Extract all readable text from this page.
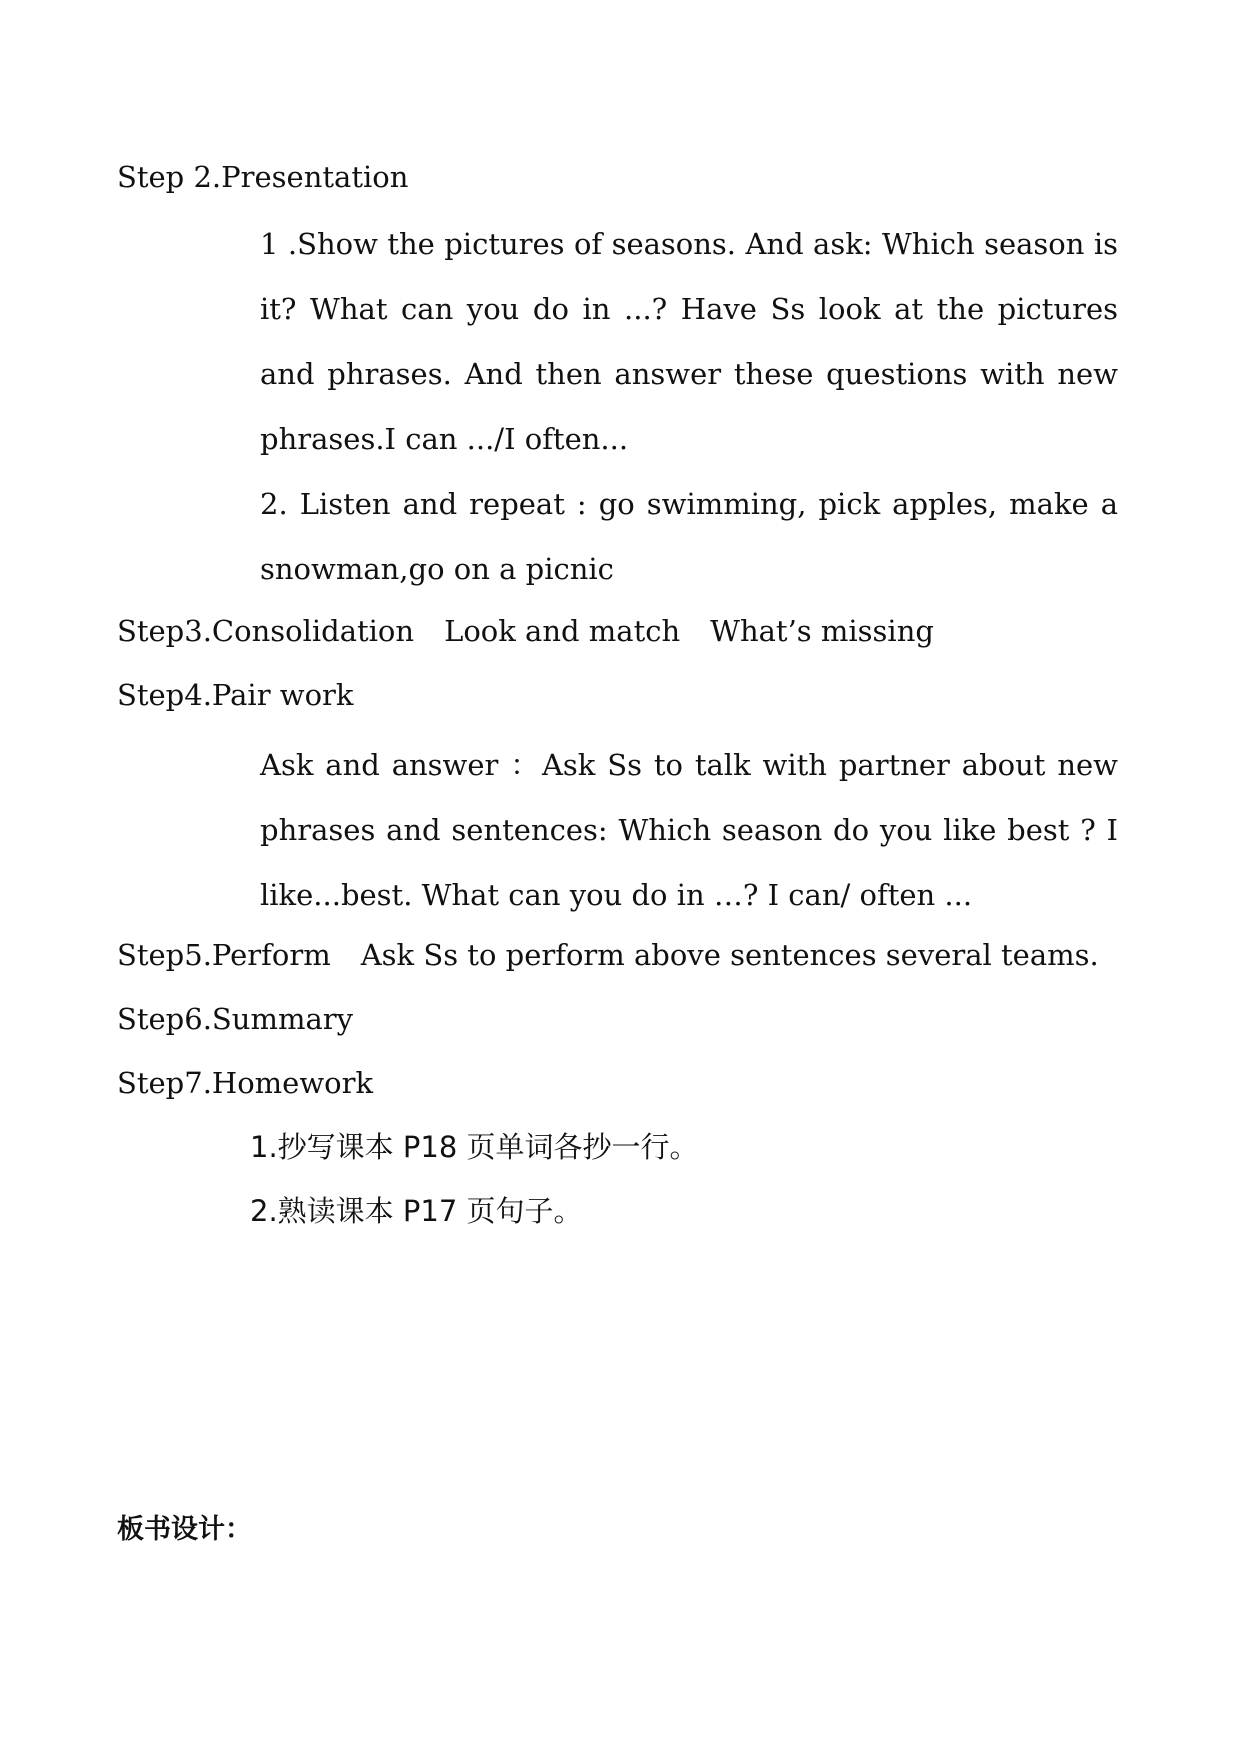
Step 2.Presentation
1 .Show the pictures of seasons. And ask: Which season is it? What can you do in ...? Have Ss look at the pictures and phrases. And then answer these questions with new phrases.I can .../I often...
2. Listen and repeat : go swimming, pick apples, make a snowman,go on a picnic
Step3.Consolidation Look and match What’s missing
Step4.Pair work
Ask and answer ：Ask Ss to talk with partner about new phrases and sentences: Which season do you like best ? I like...best. What can you do in …? I can/ often ...
Step5.Perform Ask Ss to perform above sentences several teams.
Step6.Summary
Step7.Homework
1.抄写课本 P18 页单词各抄一行。
2.熟读课本 P17 页句子。
板书设计：
